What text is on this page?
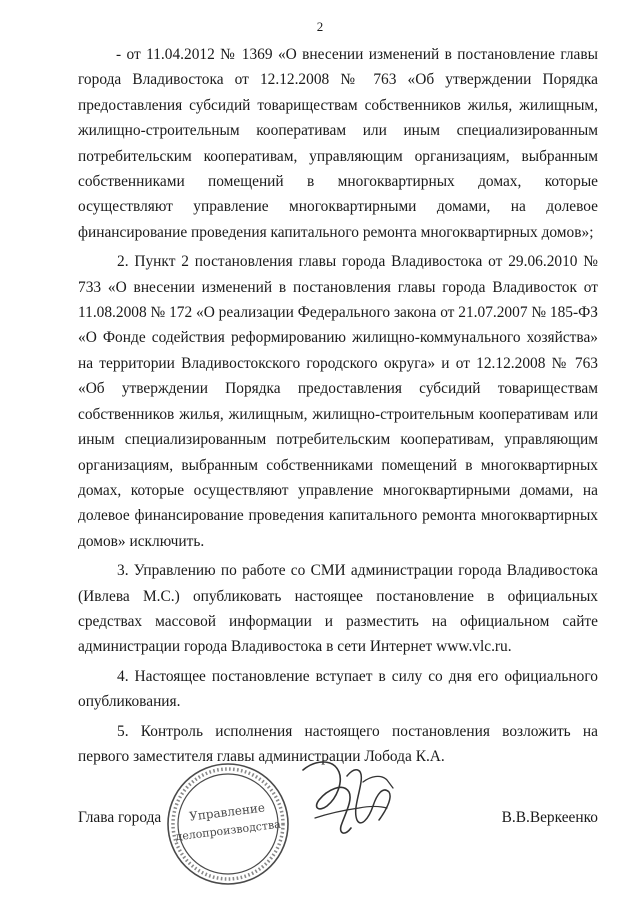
2

- от 11.04.2012 № 1369 «О внесении изменений в постановление главы города Владивостока от 12.12.2008 № 763 «Об утверждении Порядка предоставления субсидий товариществам собственников жилья, жилищным, жилищно-строительным кооперативам или иным специализированным потребительским кооперативам, управляющим организациям, выбранным собственниками помещений в многоквартирных домах, которые осуществляют управление многоквартирными домами, на долевое финансирование проведения капитального ремонта многоквартирных домов»;

2. Пункт 2 постановления главы города Владивостока от 29.06.2010 № 733 «О внесении изменений в постановления главы города Владивосток от 11.08.2008 № 172 «О реализации Федерального закона от 21.07.2007 № 185-ФЗ «О Фонде содействия реформированию жилищно-коммунального хозяйства» на территории Владивостокского городского округа» и от 12.12.2008 № 763 «Об утверждении Порядка предоставления субсидий товариществам собственников жилья, жилищным, жилищно-строительным кооперативам или иным специализированным потребительским кооперативам, управляющим организациям, выбранным собственниками помещений в многоквартирных домах, которые осуществляют управление многоквартирными домами, на долевое финансирование проведения капитального ремонта многоквартирных домов» исключить.

3. Управлению по работе со СМИ администрации города Владивостока (Ивлева М.С.) опубликовать настоящее постановление в официальных средствах массовой информации и разместить на официальном сайте администрации города Владивостока в сети Интернет www.vlc.ru.

4. Настоящее постановление вступает в силу со дня его официального опубликования.

5. Контроль исполнения настоящего постановления возложить на первого заместителя главы администрации Лобода К.А.

Глава города	В.В.Веркеенко
Управление
делопроизводства
